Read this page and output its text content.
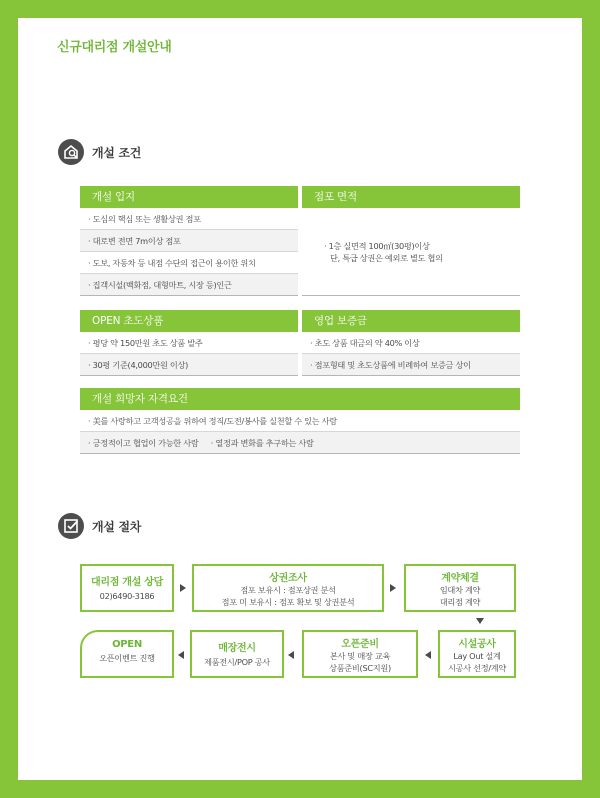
신규대리점 개설안내
개설 조건
개설 입지
· 도심의 핵심 또는 생활상권 점포
· 대로변 전면 7m이상 점포
· 도보, 자동차 등 내점 수단의 접근이 용이한 위치
· 집객시설(백화점, 대형마트, 시장 등)인근
점포 면적
· 1층 실면적 100㎡(30평)이상
단, 특급 상권은 예외로 별도 협의
OPEN 초도상품
· 평당 약 150만원 초도 상품 발주
· 30평 기준(4,000만원 이상)
영업 보증금
· 초도 상품 대금의 약 40% 이상
· 점포형태 및 초도상품에 비례하여 보증금 상이
개설 희망자 자격요건
· 美를 사랑하고 고객성공을 위하여 정직/도전/봉사를 실천할 수 있는 사람
· 긍정적이고 협업이 가능한 사람 · 열정과 변화를 추구하는 사람
개설 절차
대리점 개설 상담
02)6490-3186
상권조사
점포 보유시 : 점포상권 분석
점포 미 보유시 : 점포 확보 및 상권분석
계약체결
임대차 계약
대리점 계약
OPEN
오픈이벤트 진행
매장전시
제품전시/POP 공사
오픈준비
본사 및 매장 교육
상품준비(SC지원)
시설공사
Lay Out 설계
시공사 선정/계약
